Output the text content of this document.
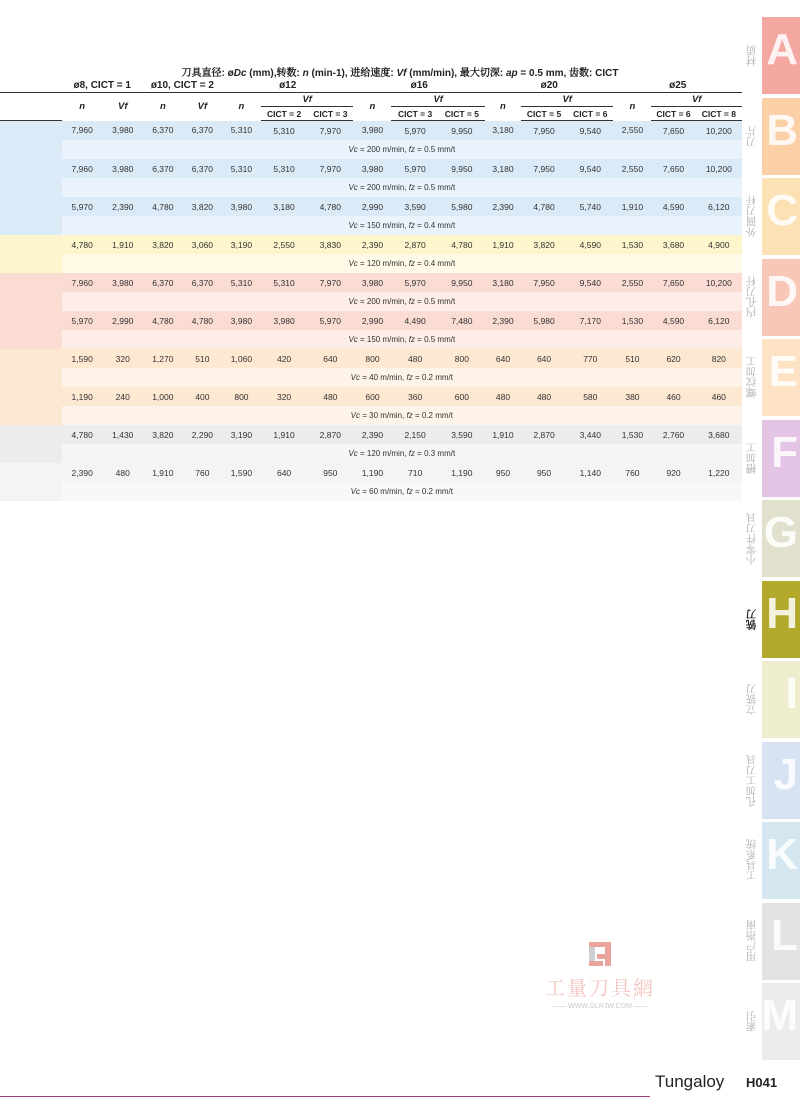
刀具直径: øDc (mm),转数: n (min-1), 进给速度: Vf (mm/min), 最大切深: ap = 0.5 mm, 齿数: CICT
	ø8, CICT = 1		ø10, CICT = 2		ø12			ø16			ø20			ø25		
	n	Vf	n	Vf	n	Vf		n	Vf		n	Vf		n	Vf	
						CICT = 2	CICT = 3		CICT = 3	CICT = 5		CICT = 5	CICT = 6		CICT = 6	CICT = 8
	7,960	3,980	6,370	6,370	5,310	5,310	7,970	3,980	5,970	9,950	3,180	7,950	9,540	2,550	7,650	10,200
	Vc = 200 m/min, fz = 0.5 mm/t															
	7,960	3,980	6,370	6,370	5,310	5,310	7,970	3,980	5,970	9,950	3,180	7,950	9,540	2,550	7,650	10,200
	Vc = 200 m/min, fz = 0.5 mm/t															
	5,970	2,390	4,780	3,820	3,980	3,180	4,780	2,990	3,590	5,980	2,390	4,780	5,740	1,910	4,590	6,120
	Vc = 150 m/min, fz = 0.4 mm/t															
	4,780	1,910	3,820	3,060	3,190	2,550	3,830	2,390	2,870	4,780	1,910	3,820	4,590	1,530	3,680	4,900
	Vc = 120 m/min, fz = 0.4 mm/t															
	7,960	3,980	6,370	6,370	5,310	5,310	7,970	3,980	5,970	9,950	3,180	7,950	9,540	2,550	7,650	10,200
	Vc = 200 m/min, fz = 0.5 mm/t															
	5,970	2,990	4,780	4,780	3,980	3,980	5,970	2,990	4,490	7,480	2,390	5,980	7,170	1,530	4,590	6,120
	Vc = 150 m/min, fz = 0.5 mm/t															
	1,590	320	1,270	510	1,060	420	640	800	480	800	640	640	770	510	620	820
	Vc = 40 m/min, fz = 0.2 mm/t															
	1,190	240	1,000	400	800	320	480	600	360	600	480	480	580	380	460	460
	Vc = 30 m/min, fz = 0.2 mm/t															
	4,780	1,430	3,820	2,290	3,190	1,910	2,870	2,390	2,150	3,590	1,910	2,870	3,440	1,530	2,760	3,680
	Vc = 120 m/min, fz = 0.3 mm/t															
	2,390	480	1,910	760	1,590	640	950	1,190	710	1,190	950	950	1,140	760	920	1,220
	Vc = 60 m/min, fz = 0.2 mm/t															
A
材质
B
刀片
C
外圆刀杆
D
内孔刀杆
E
螺纹加工
F
槽加工
G
小零件刀具
H
铣刀
I
立铣刀
J
孔加工刀具
K
工具系统
L
用户指南
M
索引
工量刀具網
—— WWW.GLRJW.COM ——
Tungaloy H041
